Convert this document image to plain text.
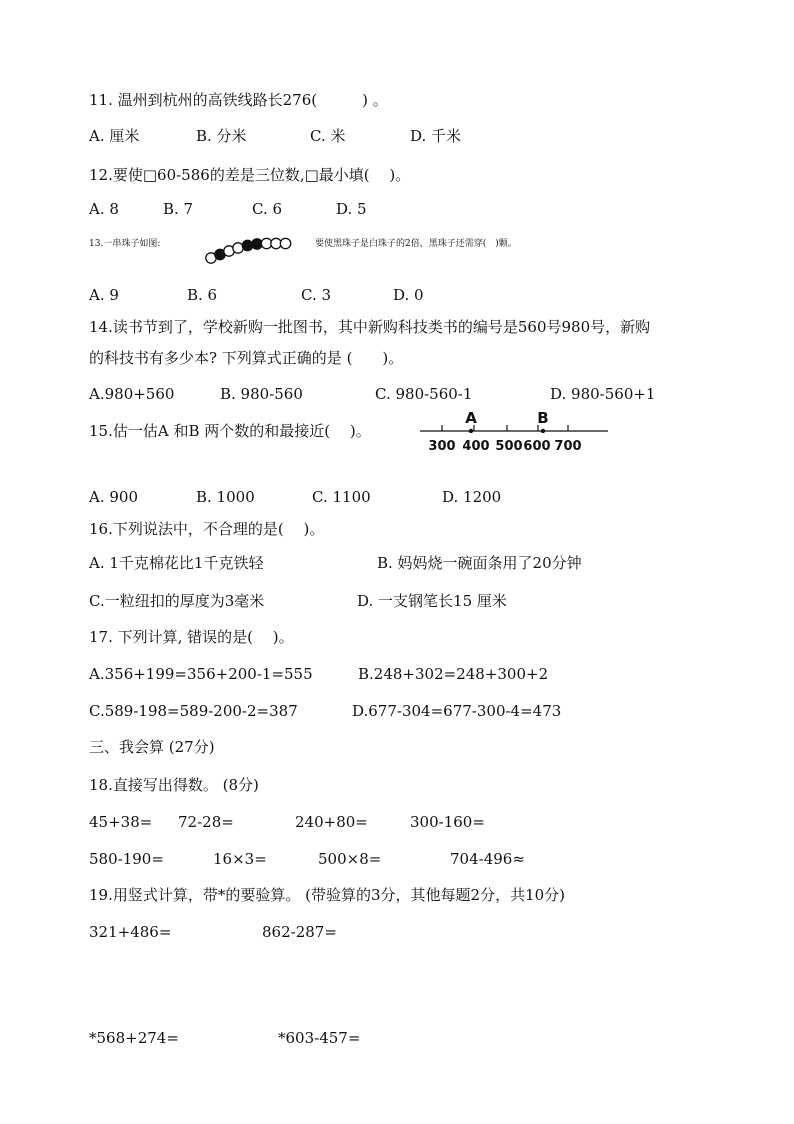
11. 温州到杭州的高铁线路长276(　　　) 。
A. 厘米	B. 分米	C. 米	D. 千米
12.要使□60-586的差是三位数,□最小填(　 )。
A. 8	B. 7	C. 6	D. 5
13.一串珠子如图:	要使黑珠子是白珠子的2倍，黑珠子还需穿(　)颗。
A. 9	B. 6	C. 3	D. 0
14.读书节到了，学校新购一批图书，其中新购科技类书的编号是560号980号，新购
的科技书有多少本? 下列算式正确的是 (　　)。
A.980+560	B. 980-560	C. 980-560-1	D. 980-560+1
15.估一估A 和B 两个数的和最接近(　 )。
A	B
300 400 500 600 700
A. 900	B. 1000	C. 1100	D. 1200
16.下列说法中，不合理的是(　 )。
A. 1千克棉花比1千克铁轻	B. 妈妈烧一碗面条用了20分钟
C.一粒纽扣的厚度为3毫米	D. 一支钢笔长15 厘米
17. 下列计算, 错误的是(　 )。
A.356+199=356+200-1=555	B.248+302=248+300+2
C.589-198=589-200-2=387	D.677-304=677-300-4=473
三、我会算 (27分)
18.直接写出得数。 (8分)
45+38= 72-28=	240+80=	300-160=
580-190=	16×3=	500×8=	704-496≈
19.用竖式计算，带*的要验算。 (带验算的3分，其他每题2分，共10分)
321+486=	862-287=
*568+274=	*603-457=
